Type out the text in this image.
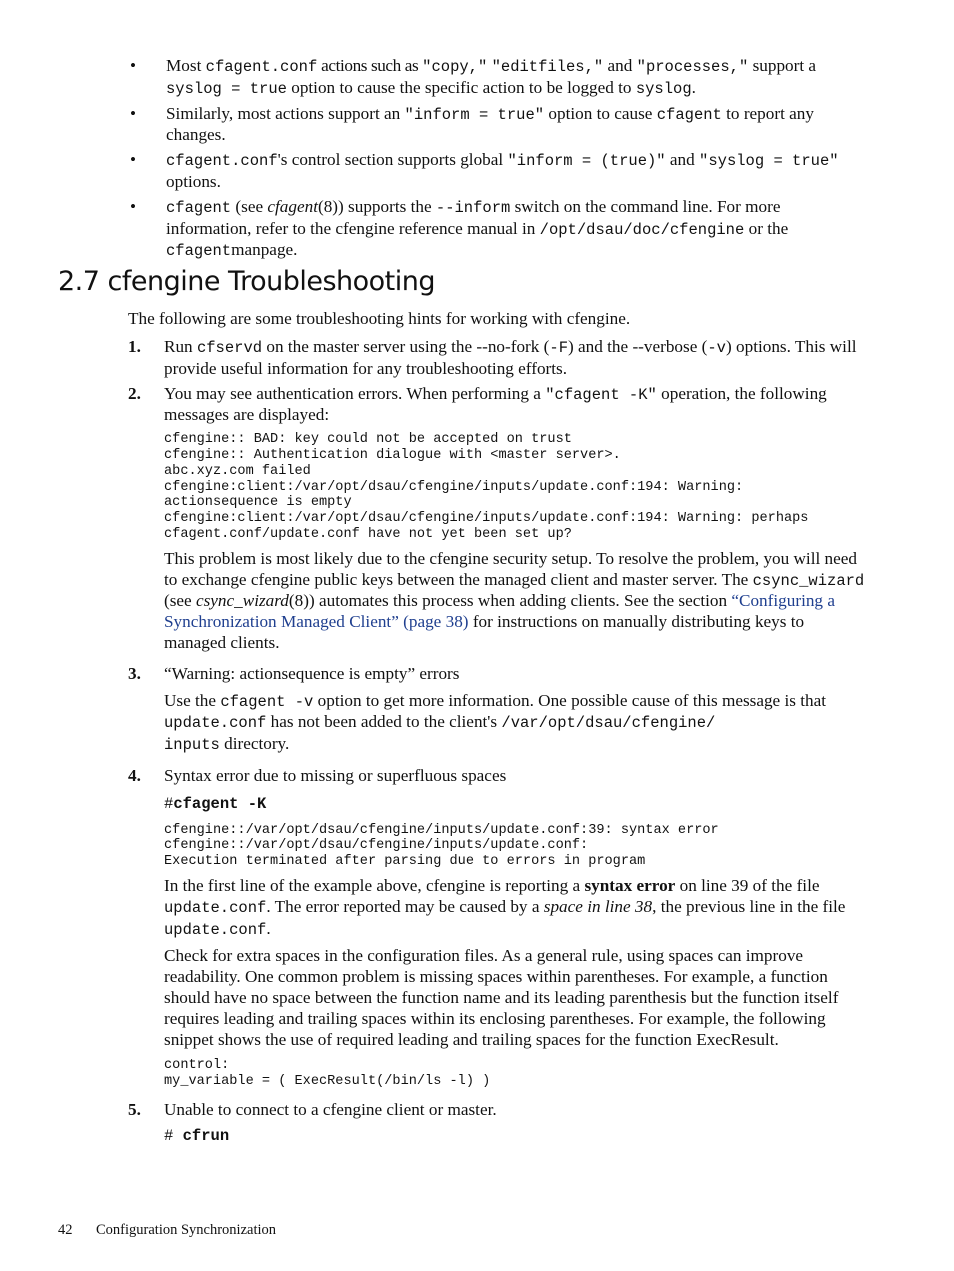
•	Most cfagent.conf actions such as "copy," "editfiles," and "processes," support a syslog = true option to cause the specific action to be logged to syslog.
•	Similarly, most actions support an "inform = true" option to cause cfagent to report any changes.
•	cfagent.conf's control section supports global "inform = (true)" and "syslog = true" options.
•	cfagent (see cfagent(8)) supports the --inform switch on the command line. For more information, refer to the cfengine reference manual in /opt/dsau/doc/cfengine or the cfagentmanpage.
2.7 cfengine Troubleshooting
The following are some troubleshooting hints for working with cfengine.
1.	Run cfservd on the master server using the --no-fork (-F) and the --verbose (-v) options. This will provide useful information for any troubleshooting efforts.
2.	You may see authentication errors. When performing a "cfagent -K" operation, the following messages are displayed:
cfengine:: BAD: key could not be accepted on trust
cfengine:: Authentication dialogue with <master server>.
abc.xyz.com failed
cfengine:client:/var/opt/dsau/cfengine/inputs/update.conf:194: Warning:
actionsequence is empty
cfengine:client:/var/opt/dsau/cfengine/inputs/update.conf:194: Warning: perhaps
cfagent.conf/update.conf have not yet been set up?
This problem is most likely due to the cfengine security setup. To resolve the problem, you will need to exchange cfengine public keys between the managed client and master server. The csync_wizard (see csync_wizard(8)) automates this process when adding clients. See the section “Configuring a Synchronization Managed Client” (page 38) for instructions on manually distributing keys to managed clients.
3.	“Warning: actionsequence is empty” errors
Use the cfagent -v option to get more information. One possible cause of this message is that update.conf has not been added to the client's /var/opt/dsau/cfengine/
inputs directory.
4.	Syntax error due to missing or superfluous spaces
#cfagent -K
cfengine::/var/opt/dsau/cfengine/inputs/update.conf:39: syntax error
cfengine::/var/opt/dsau/cfengine/inputs/update.conf:
Execution terminated after parsing due to errors in program
In the first line of the example above, cfengine is reporting a syntax error on line 39 of the file update.conf. The error reported may be caused by a space in line 38, the previous line in the file update.conf.
Check for extra spaces in the configuration files. As a general rule, using spaces can improve readability. One common problem is missing spaces within parentheses. For example, a function should have no space between the function name and its leading parenthesis but the function itself requires leading and trailing spaces within its enclosing parentheses. For example, the following snippet shows the use of required leading and trailing spaces for the function ExecResult.
control:
my_variable = ( ExecResult(/bin/ls -l) )
5.	Unable to connect to a cfengine client or master.
# cfrun
42 Configuration Synchronization
